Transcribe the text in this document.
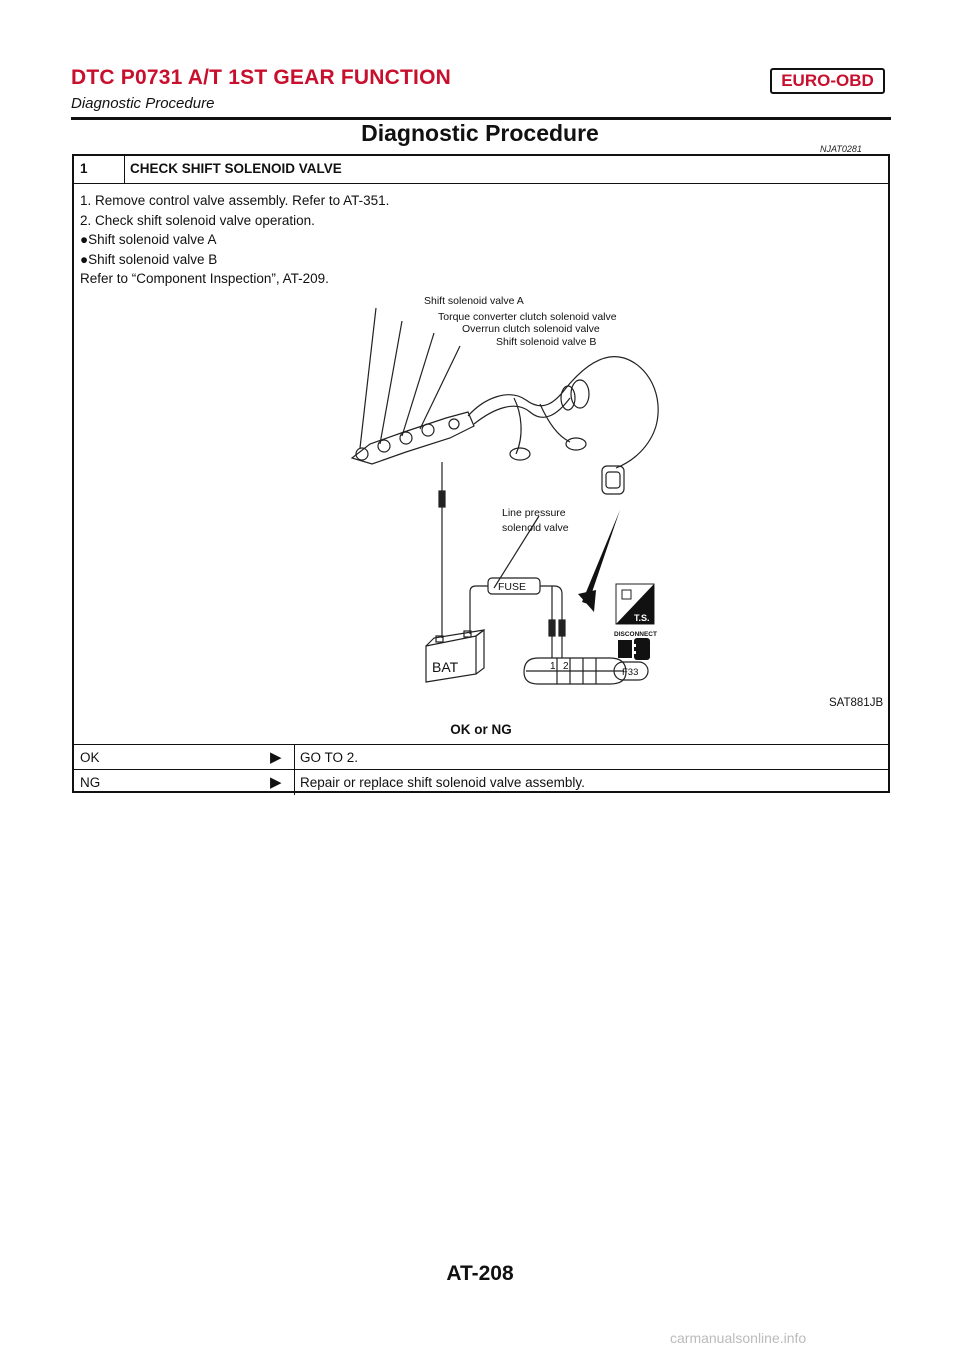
DTC P0731 A/T 1ST GEAR FUNCTION	EURO-OBD
Diagnostic Procedure
Diagnostic Procedure
NJAT0281
1	CHECK SHIFT SOLENOID VALVE
1. Remove control valve assembly. Refer to AT-351.
2. Check shift solenoid valve operation.
●Shift solenoid valve A
●Shift solenoid valve B
Refer to “Component Inspection”, AT-209.
T.S.
DISCONNECT
Shift solenoid valve A
Torque converter clutch solenoid valve
Overrun clutch solenoid valve
Shift solenoid valve B
Line pressure
solenoid valve
FUSE
BAT	1 2
F33
SAT881JB
OK or NG
OK	▶ GO TO 2.
NG	▶ Repair or replace shift solenoid valve assembly.
AT-208
carmanualsonline.info
